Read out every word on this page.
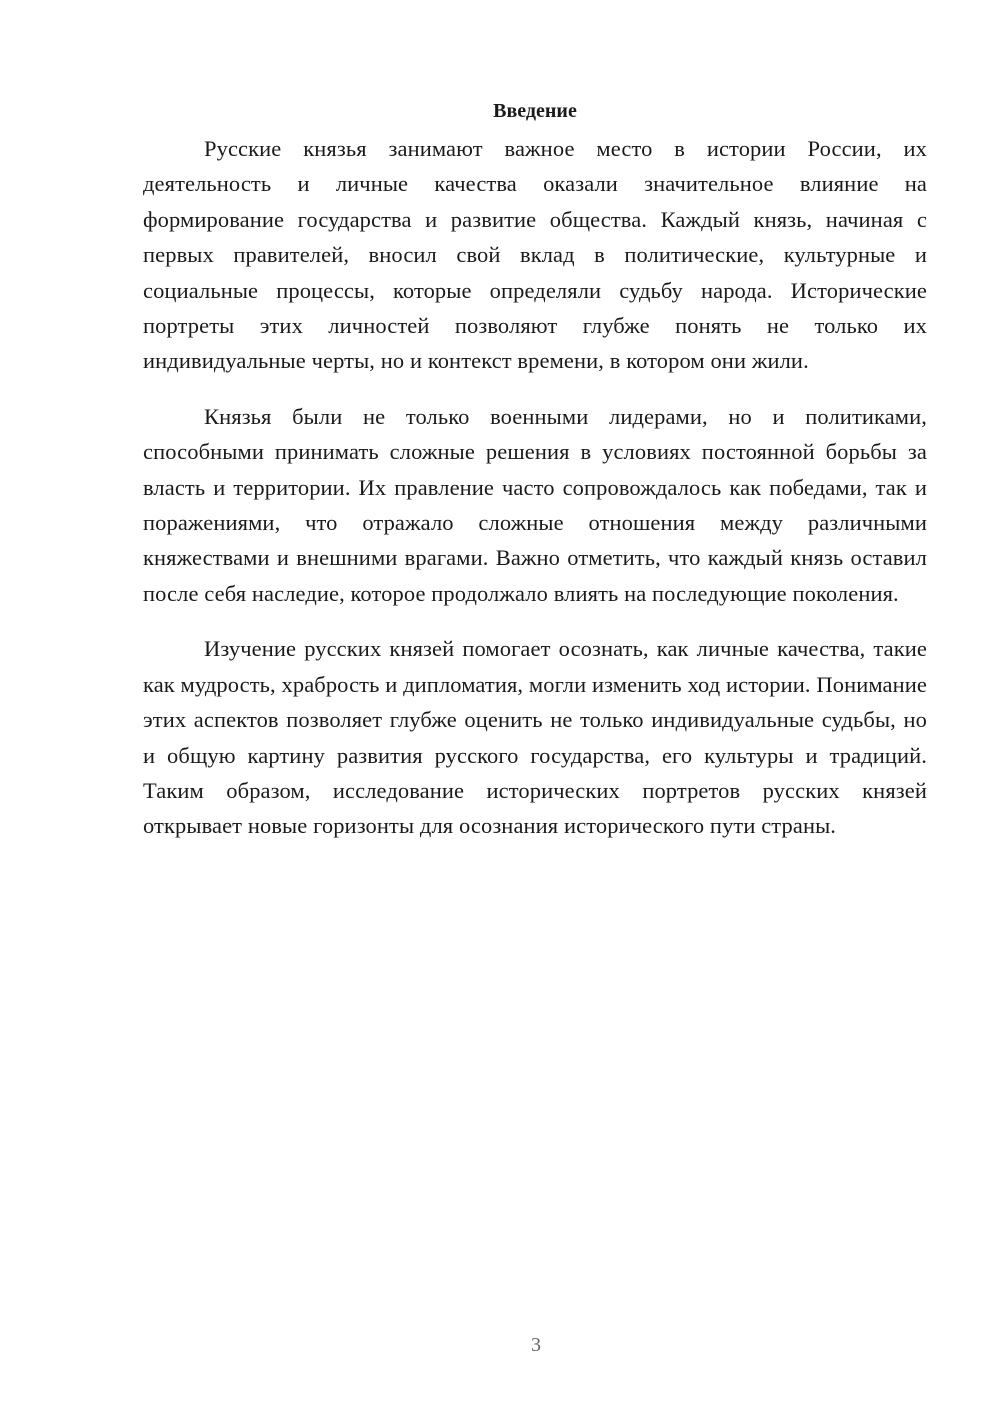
Введение

Русские князья занимают важное место в истории России, их деятельность и личные качества оказали значительное влияние на формирование государства и развитие общества. Каждый князь, начиная с первых правителей, вносил свой вклад в политические, культурные и социальные процессы, которые определяли судьбу народа. Исторические портреты этих личностей позволяют глубже понять не только их индивидуальные черты, но и контекст времени, в котором они жили.

Князья были не только военными лидерами, но и политиками, способными принимать сложные решения в условиях постоянной борьбы за власть и территории. Их правление часто сопровождалось как победами, так и поражениями, что отражало сложные отношения между различными княжествами и внешними врагами. Важно отметить, что каждый князь оставил после себя наследие, которое продолжало влиять на последующие поколения.

Изучение русских князей помогает осознать, как личные качества, такие как мудрость, храбрость и дипломатия, могли изменить ход истории. Понимание этих аспектов позволяет глубже оценить не только индивидуальные судьбы, но и общую картину развития русского государства, его культуры и традиций. Таким образом, исследование исторических портретов русских князей открывает новые горизонты для осознания исторического пути страны.

3
